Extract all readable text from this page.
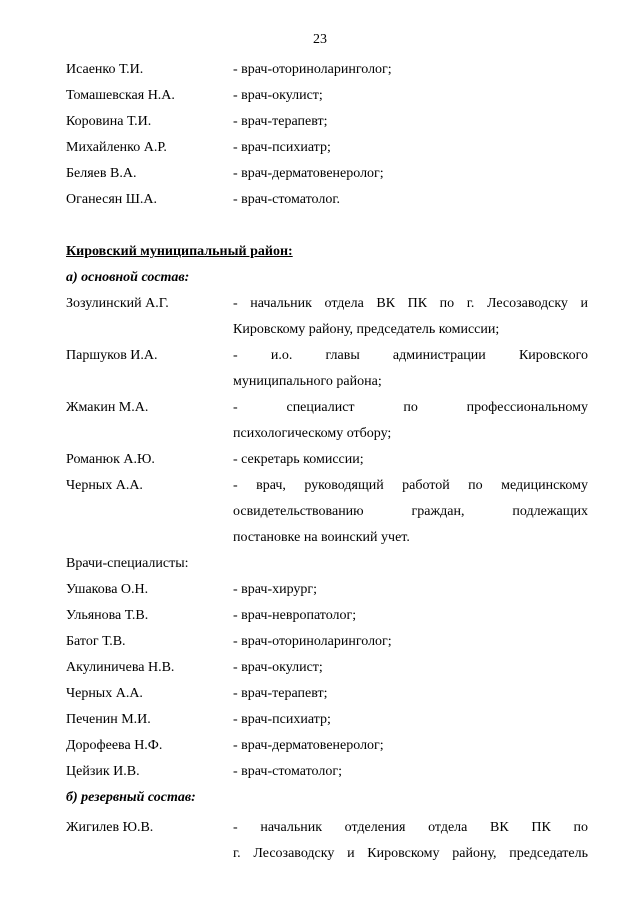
23
Исаенко Т.И.	- врач-оториноларинголог;
Томашевская Н.А.	- врач-окулист;
Коровина Т.И.	- врач-терапевт;
Михайленко А.Р.	- врач-психиатр;
Беляев В.А.	- врач-дерматовенеролог;
Оганесян Ш.А.	- врач-стоматолог.
Кировский муниципальный район:
а) основной состав:
Зозулинский А.Г.	- начальник отдела ВК ПК по г. Лесозаводску и
Кировскому району, председатель комиссии;
Паршуков И.А.	- и.о. главы администрации Кировского
муниципального района;
Жмакин М.А.	- специалист по профессиональному
психологическому отбору;
Романюк А.Ю.	- секретарь комиссии;
Черных А.А.	- врач, руководящий работой по медицинскому
освидетельствованию граждан, подлежащих
постановке на воинский учет.
Врачи-специалисты:
Ушакова О.Н.	- врач-хирург;
Ульянова Т.В.	- врач-невропатолог;
Батог Т.В.	- врач-оториноларинголог;
Акулиничева Н.В.	- врач-окулист;
Черных А.А.	- врач-терапевт;
Печенин М.И.	- врач-психиатр;
Дорофеева Н.Ф.	- врач-дерматовенеролог;
Цейзик И.В.	- врач-стоматолог;
б) резервный состав:
Жигилев Ю.В.	- начальник отделения отдела ВК ПК по
г. Лесозаводску и Кировскому району, председатель
